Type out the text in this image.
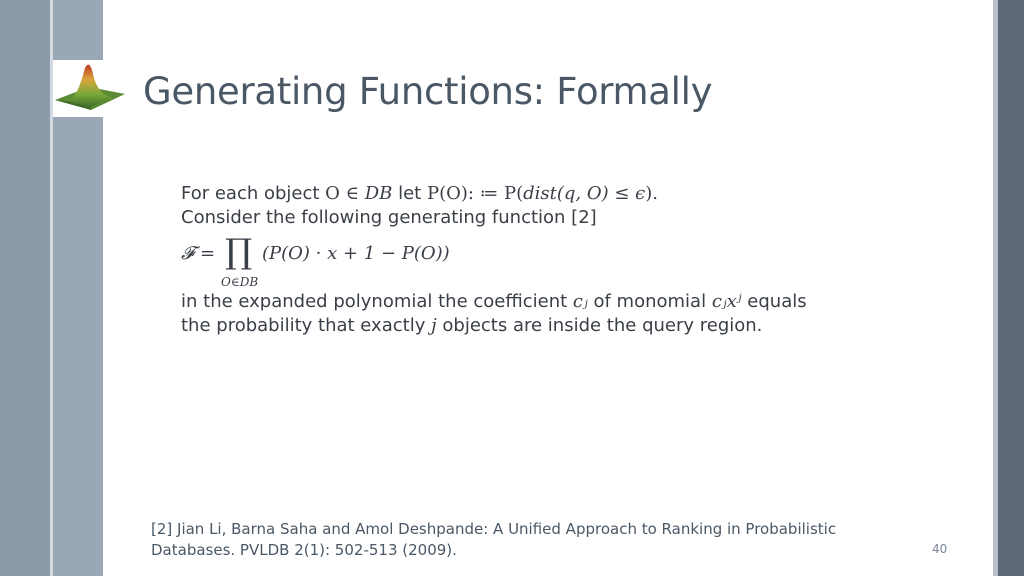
Generating Functions: Formally
For each object O ∈ DB let P(O): ≔ P(dist(q, O) ≤ ϵ).
Consider the following generating function [2]
𝓕 = ∏
O∈DB
(P(O) · x + 1 − P(O))
in the expanded polynomial the coefficient cⱼ of monomial cⱼxʲ equals
the probability that exactly j objects are inside the query region.
[2] Jian Li, Barna Saha and Amol Deshpande: A Unified Approach to Ranking in Probabilistic
Databases. PVLDB 2(1): 502-513 (2009).	40
